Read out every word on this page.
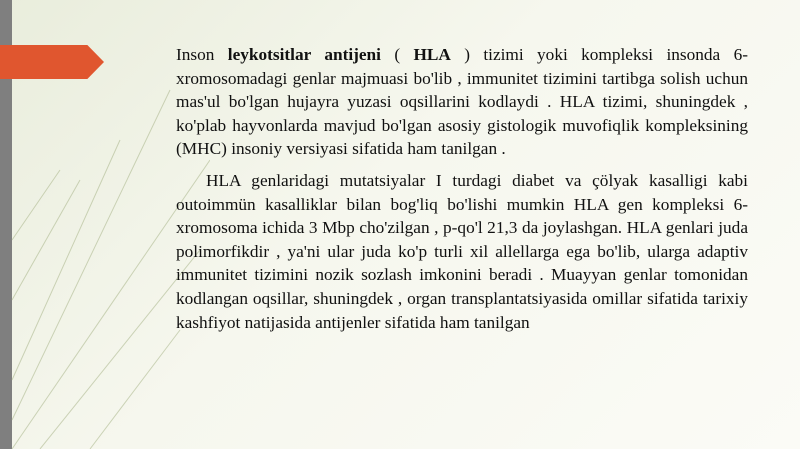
Inson leykotsitlar antijeni ( HLA ) tizimi yoki kompleksi insonda 6-xromosomadagi genlar majmuasi bo'lib , immunitet tizimini tartibga solish uchun mas'ul bo'lgan hujayra yuzasi oqsillarini kodlaydi . HLA tizimi, shuningdek , ko'plab hayvonlarda mavjud bo'lgan asosiy gistologik muvofiqlik kompleksining (MHC) insoniy versiyasi sifatida ham tanilgan .

HLA genlaridagi mutatsiyalar I turdagi diabet va çölyak kasalligi kabi outoimmün kasalliklar bilan bog'liq bo'lishi mumkin HLA gen kompleksi 6-xromosoma ichida 3 Mbp cho'zilgan , p-qo'l 21,3 da joylashgan. HLA genlari juda polimorfikdir , ya'ni ular juda ko'p turli xil allellarga ega bo'lib, ularga adaptiv immunitet tizimini nozik sozlash imkonini beradi . Muayyan genlar tomonidan kodlangan oqsillar, shuningdek , organ transplantatsiyasida omillar sifatida tarixiy kashfiyot natijasida antijenler sifatida ham tanilgan
